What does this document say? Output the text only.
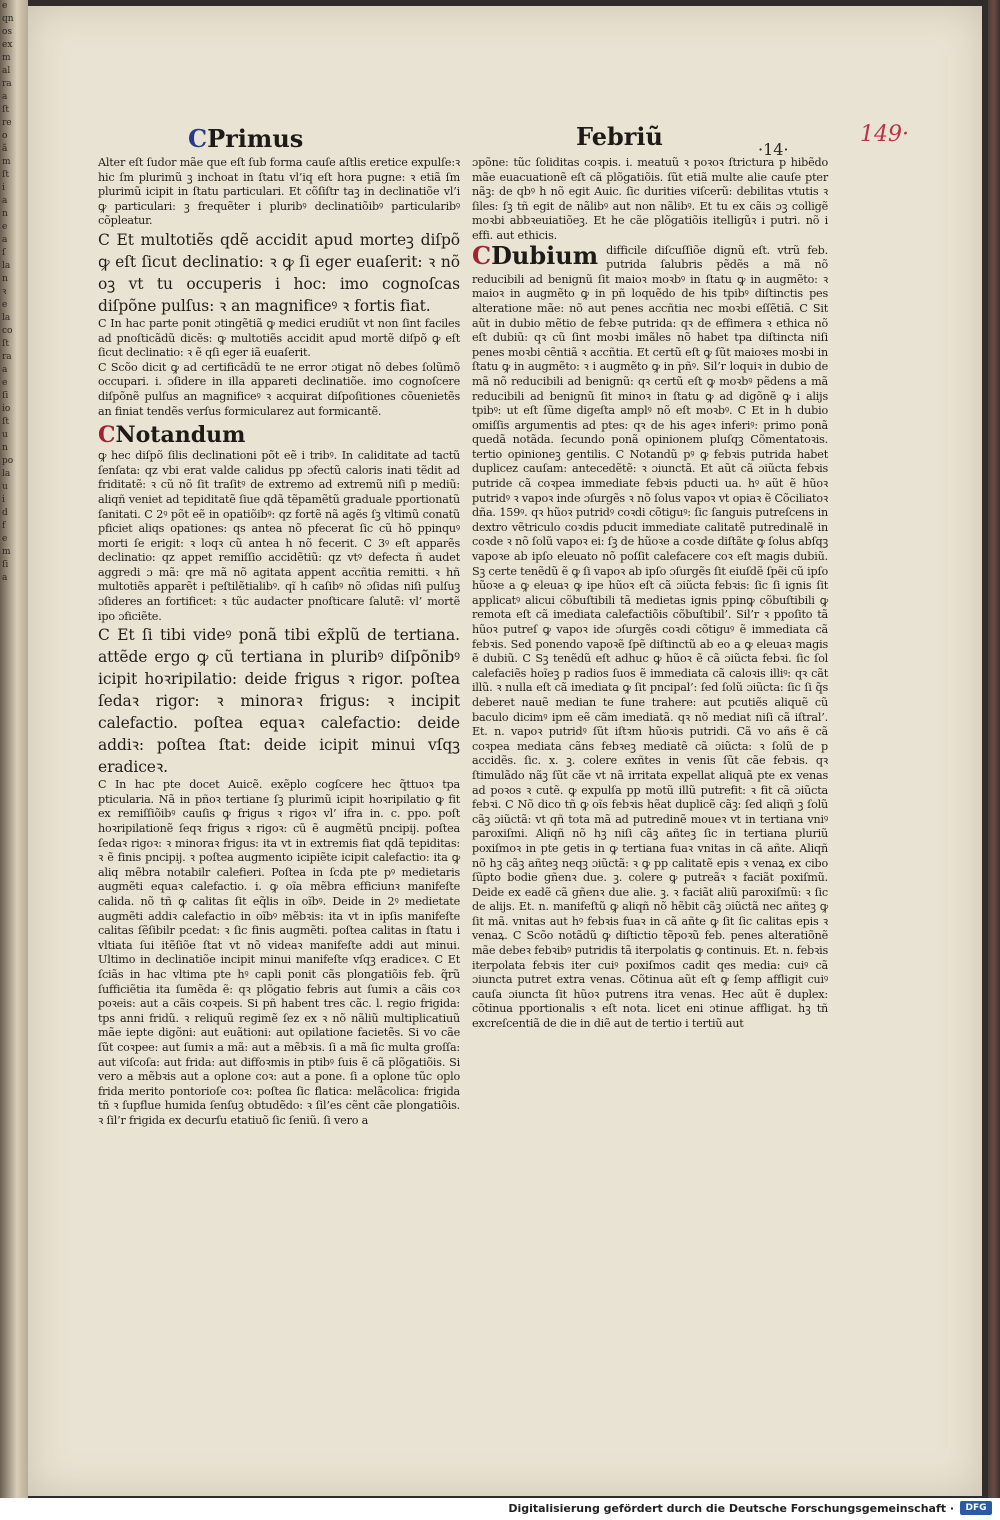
e
qn
os
ex
m
al
ra
a
ſt
re
o
ã
m
ſt
i
a
n
e
a
ſ
la
n
ꝛ
e
la
co
ſt
ra
a
e
ſi
io
ſt
u
n
po
la
u
i
d
f
e
m
ſi
a
149·
·14·
CPrimus	Febriũ

Alter eſt ſudor mãe que eſt ſub forma cauſe aſtlis eretice expulſe:ꝛ hic ſm plurimũ ꝫ inchoat in ſtatu vl’iq eſt hora pugne: ꝛ etiã ſm plurimũ icipit in ſtatu particulari. Et cõſiſtr taꝫ in declinatiõe vl’i ꝙ particulari: ꝫ frequẽter i pluribꝰ declinatiõibꝰ particularibꝰ cõpleatur.

C Et multotiẽs qdẽ accidit apud morteꝫ diſpõ ꝙ eſt ſicut declinatio: ꝛ ꝙ ſi eger euaſerit: ꝛ nõ oꝫ vt tu occuperis i hoc: imo cognoſcas diſpõne pulſus: ꝛ an magnificeꝰ ꝛ fortis fiat.

C In hac parte ponit ɔtingẽtiã ꝙ medici erudiũt vt non ſint faciles ad pnoſticãdũ dicẽs: ꝙ multotiẽs accidit apud mortẽ diſpõ ꝙ eſt ſicut declinatio: ꝛ ẽ qſi eger iã euaſerit.

C Scõo dicit ꝙ ad certificãdũ te ne error ɔtigat nõ debes ſolũmõ occupari. i. ɔſidere in illa appareti declinatiõe. imo cognoſcere diſpõnẽ pulſus an magnificeꝰ ꝛ acquirat diſpoſitiones cõuenietẽs an finiat tendẽs verſus formicularez aut formicantẽ.

CNotandum

ꝙ hec diſpõ ſilis declinationi põt eẽ i tribꝰ. In caliditate ad tactũ ſenſata: qz vbi erat valde calidus pp ɔfectũ caloris inati tẽdit ad friditatẽ: ꝛ cũ nõ ſit traſitꝰ de extremo ad extremũ niſi p mediũ: aliqñ veniet ad tepiditatẽ ſiue qdã tẽpamẽtũ graduale pportionatũ ſanitati. C 2ꝰ põt eẽ in opatiõibꝰ: qz fortẽ nã agẽs ſꝫ vltimũ conatũ pficiet aliqs opationes: qs antea nõ pfecerat ſic cũ hõ ppinquꝰ morti ſe erigit: ꝛ loqꝛ cũ antea h nõ fecerit. C 3ꝰ eſt apparẽs declinatio: qz appet remiſſio accidẽtiũ: qz vtꝰ defecta ñ audet aggredi ɔ mã: qre mã nõ agitata appent accñtia remitti. ꝛ hñ multotiẽs apparẽt i peſtilẽtialibꝰ. qĩ h caſibꝰ nõ ɔſidas niſi pulſuꝫ ɔſideres an fortificet: ꝛ tũc audacter pnoſticare ſalutẽ: vl’ mortẽ ipo ɔficiẽte.

C Et ſi tibi videꝰ ponã tibi ex̃plũ de tertiana. attẽde ergo ꝙ cũ tertiana in pluribꝰ diſpõnibꝰ icipit hoꝛripilatio: deide frigus ꝛ rigor. poſtea ſedaꝛ rigor: ꝛ minoraꝛ frigus: ꝛ incipit calefactio. poſtea equaꝛ calefactio: deide addiꝛ: poſtea ſtat: deide icipit minui vſqꝫ eradiceꝛ.

C In hac pte docet Auicẽ. exẽplo cogſcere hec q̃ttuoꝛ tpa pticularia. Nã in pñoꝛ tertiane ſꝫ plurimũ icipit hoꝛripilatio ꝙ fit ex remiſſiõibꝰ cauſis ꝙ frigus ꝛ rigoꝛ vl’ ifra in. c. ppo. poſt hoꝛripilationẽ ſeqꝛ frigus ꝛ rigoꝛ: cũ ẽ augmẽtũ pncipij. poſtea ſedaꝛ rigoꝛ: ꝛ minoraꝛ frigus: ita vt in extremis fiat qdã tepiditas: ꝛ ẽ finis pncipij. ꝛ poſtea augmento icipiẽte icipit calefactio: ita ꝙ aliq mẽbra notabilr calefieri. Poſtea in ſcda pte pꝰ medietaris augmẽti equaꝛ calefactio. i. ꝙ oĩa mẽbra efficiunꝛ manifeſte calida. nõ tñ ꝙ calitas ſit eq̃lis in oĩbꝰ. Deide in 2ꝰ medietate augmẽti addiꝛ calefactio in oĩbꝰ mẽbꝛis: ita vt in ipſis manifeſte calitas ſẽſibilr pcedat: ꝛ ſic finis augmẽti. poſtea calitas in ſtatu i vltiata ſui itẽſiõe ſtat vt nõ videaꝛ manifeſte addi aut minui. Ultimo in declinatiõe incipit minui manifeſte vſqꝫ eradiceꝛ. C Et ſciãs in hac vltima pte hꝰ capli ponit cãs plongatiõis feb. q̃rũ ſufficiẽtia ita ſumẽda ẽ: qꝛ plõgatio febris aut ſumiꝛ a cãis coꝛ poꝛeis: aut a cãis coꝛpeis. Si pñ habent tres cãc. l. regio frigida: tps anni fridũ. ꝛ reliquũ regimẽ ſez ex ꝛ nõ nãliũ multiplicatiuũ mãe iepte digõni: aut euãtioni: aut opilatione facietẽs. Si vo cãe ſũt coꝛpee: aut ſumiꝛ a mã: aut a mẽbꝛis. ſi a mã ſic multa groſſa: aut viſcoſa: aut frida: aut diffoꝛmis in ptibꝰ ſuis ẽ cã plõgatiõis. Si vero a mẽbꝛis aut a oplone coꝛ: aut a pone. ſi a oplone tũc oplo frida merito pontorioſe coꝛ: poſtea ſic flatica: melãcolica: frigida tñ ꝛ ſupflue humida ſenſuꝫ obtudẽdo: ꝛ ſil’es cẽnt cãe plongatiõis. ꝛ ſil’r frigida ex decurſu etatiuõ ſic ſeniũ. ſi vero a

ɔpõne: tũc ſoliditas coꝛpis. i. meatuũ ꝛ poꝛoꝛ ſtrictura p hibẽdo mãe euacuationẽ eſt cã plõgatiõis. ſũt etiã multe alie cauſe pter nãꝫ: de qbꝰ h nõ egit Auic. ſic durities viſcerũ: debilitas vtutis ꝛ ſiles: ſꝫ tñ egit de nãlibꝰ aut non nãlibꝰ. Et tu ex cãis ɔꝫ colligẽ moꝛbi abbꝛeuiatiõeꝫ. Et he cãe plõgatiõis itelligũꝛ i putri. nõ i effi. aut ethicis.

CDubium difficile diſcuſſiõe dignũ eſt. vtrũ feb. putrida ſalubris pẽdẽs a mã nõ reducibili ad benignũ ſit maioꝛ moꝛbꝰ in ſtatu ꝙ in augmẽto: ꝛ maioꝛ in augmẽto ꝙ in pñ loquẽdo de his tpibꝰ diſtinctis pes alteratione mãe: nõ aut penes accñtia nec moꝛbi eſſẽtiã. C Sit aũt in dubio mẽtio de febꝛe putrida: qꝛ de effimera ꝛ ethica nõ eſt dubiũ: qꝛ cũ ſint moꝛbi imãles nõ habet tpa diſtincta niſi penes moꝛbi cẽntiã ꝛ accñtia. Et certũ eſt ꝙ ſũt maioꝛes moꝛbi in ſtatu ꝙ in augmẽto: ꝛ i augmẽto ꝙ in pñꝰ. Sil’r loquiꝛ in dubio de mã nõ reducibili ad benignũ: qꝛ certũ eſt ꝙ moꝛbꝰ pẽdens a mã reducibili ad benignũ ſit minoꝛ in ſtatu ꝙ ad digõnẽ ꝙ i alijs tpibꝰ: ut eſt ſũme digeſta amplꝰ nõ eſt moꝛbꝰ. C Et in h dubio omiſſis argumentis ad ptes: qꝛ de his ageꝛ inferiꝰ: primo ponã quedã notãda. ſecundo ponã opinionem pluſqꝫ Cõmentatoꝛis. tertio opinioneꝫ gentilis. C Notandũ pꝰ ꝙ febꝛis putrida habet duplicez cauſam: antecedẽtẽ: ꝛ ɔiunctã. Et aũt cã ɔiũcta febꝛis putride cã coꝛpea immediate febꝛis pducti ua. hꝰ aũt ẽ hũoꝛ putridꝰ ꝛ vapoꝛ inde ɔſurgẽs ꝛ nõ ſolus vapoꝛ vt opiaꝛ ẽ Cõciliatoꝛ dña. 159ꝰ. qꝛ hũoꝛ putridꝰ coꝛdi cõtiguꝰ: ſic ſanguis putreſcens in dextro vẽtriculo coꝛdis pducit immediate calitatẽ putredinalẽ in coꝛde ꝛ nõ ſolũ vapoꝛ ei: ſꝫ de hũoꝛe a coꝛde diſtãte ꝙ ſolus abſqꝫ vapoꝛe ab ipſo eleuato nõ poſſit calefacere coꝛ eſt magis dubiũ. Sꝫ certe tenẽdũ ẽ ꝙ ſi vapoꝛ ab ipſo ɔſurgẽs ſit eiuſdẽ ſpẽi cũ ipſo hũoꝛe a ꝙ eleuaꝛ ꝙ ipe hũoꝛ eſt cã ɔiũcta febꝛis: ſic ſi ignis ſit applicatꝰ alicui cõbuſtibili tã medietas ignis ppinꝙ cõbuſtibili ꝙ remota eſt cã imediata calefactiõis cõbuſtibil’. Sil’r ꝛ ppoſito tã hũoꝛ putreſ ꝙ vapoꝛ ide ɔſurgẽs coꝛdi cõtiguꝰ ẽ immediata cã febꝛis. Sed ponendo vapoꝛẽ ſpẽ diſtinctũ ab eo a ꝙ eleuaꝛ magis ẽ dubiũ. C Sꝫ tenẽdũ eſt adhuc ꝙ hũoꝛ ẽ cã ɔiũcta febꝛi. ſic ſol calefaciẽs hoĩeꝫ p radios ſuos ẽ immediata cã caloꝛis illiꝰ: qꝛ cãt illũ. ꝛ nulla eſt cã imediata ꝙ ſit pncipal’: ſed ſolũ ɔiũcta: ſic ſi q̃s deberet nauẽ median te fune trahere: aut pcutiẽs aliquẽ cũ baculo dicimꝰ ipm eẽ cãm imediatã. qꝛ nõ mediat niſi cã iſtral’. Et. n. vapoꝛ putridꝰ ſũt iſtꝛm hũoꝛis putridi. Cã vo añs ẽ cã coꝛpea mediata cãns febꝛeꝫ mediatẽ cã ɔiũcta: ꝛ ſolũ de p accidẽs. ſic. x. ꝫ. colere exñtes in venis ſũt cãe febꝛis. qꝛ ſtimulãdo nãꝫ ſũt cãe vt nã irritata expellat aliquã pte ex venas ad poꝛos ꝛ cutẽ. ꝙ expulſa pp motũ illũ putrefit: ꝛ fit cã ɔiũcta febꝛi. C Nõ dico tñ ꝙ oĩs febꝛis hẽat duplicẽ cãꝫ: ſed aliqñ ꝫ ſolũ cãꝫ ɔiũctã: vt qñ tota mã ad putredinẽ moueꝛ vt in tertiana vniꝰ paroxiſmi. Aliqñ nõ hꝫ niſi cãꝫ añteꝫ ſic in tertiana pluriũ poxiſmoꝛ in pte getis in ꝙ tertiana fuaꝛ vnitas in cã añte. Aliqñ nõ hꝫ cãꝫ añteꝫ neqꝫ ɔiũctã: ꝛ ꝙ pp calitatẽ epis ꝛ venaꝝ ex cibo ſũpto bodie gñenꝛ due. ꝫ. colere ꝙ putreãꝛ ꝛ faciãt poxiſmũ. Deide ex eadẽ cã gñenꝛ due alie. ꝫ. ꝛ faciãt aliũ paroxiſmũ: ꝛ ſic de alijs. Et. n. manifeſtũ ꝙ aliqñ nõ hẽbit cãꝫ ɔiũctã nec añteꝫ ꝙ ſit mã. vnitas aut hꝰ febꝛis fuaꝛ in cã añte ꝙ ſit ſic calitas epis ꝛ venaꝝ. C Scõo notãdũ ꝙ diſtictio tẽpoꝛũ feb. penes alteratiõnẽ mãe debeꝛ febꝛibꝰ putridis tã iterpolatis ꝙ continuis. Et. n. febꝛis iterpolata febꝛis iter cuiꝰ poxiſmos cadit qes media: cuiꝰ cã ɔiuncta putret extra venas. Cõtinua aũt eſt ꝙ ſemp affligit cuiꝰ cauſa ɔiuncta ſit hũoꝛ putrens itra venas. Hec aũt ẽ duplex: cõtinua pportionalis ꝛ eſt nota. licet eni ɔtinue affligat. hꝫ tñ excreſcentiã de die in diẽ aut de tertio i tertiũ aut

Digitalisierung gefördert durch die Deutsche Forschungsgemeinschaft ·	DFG
